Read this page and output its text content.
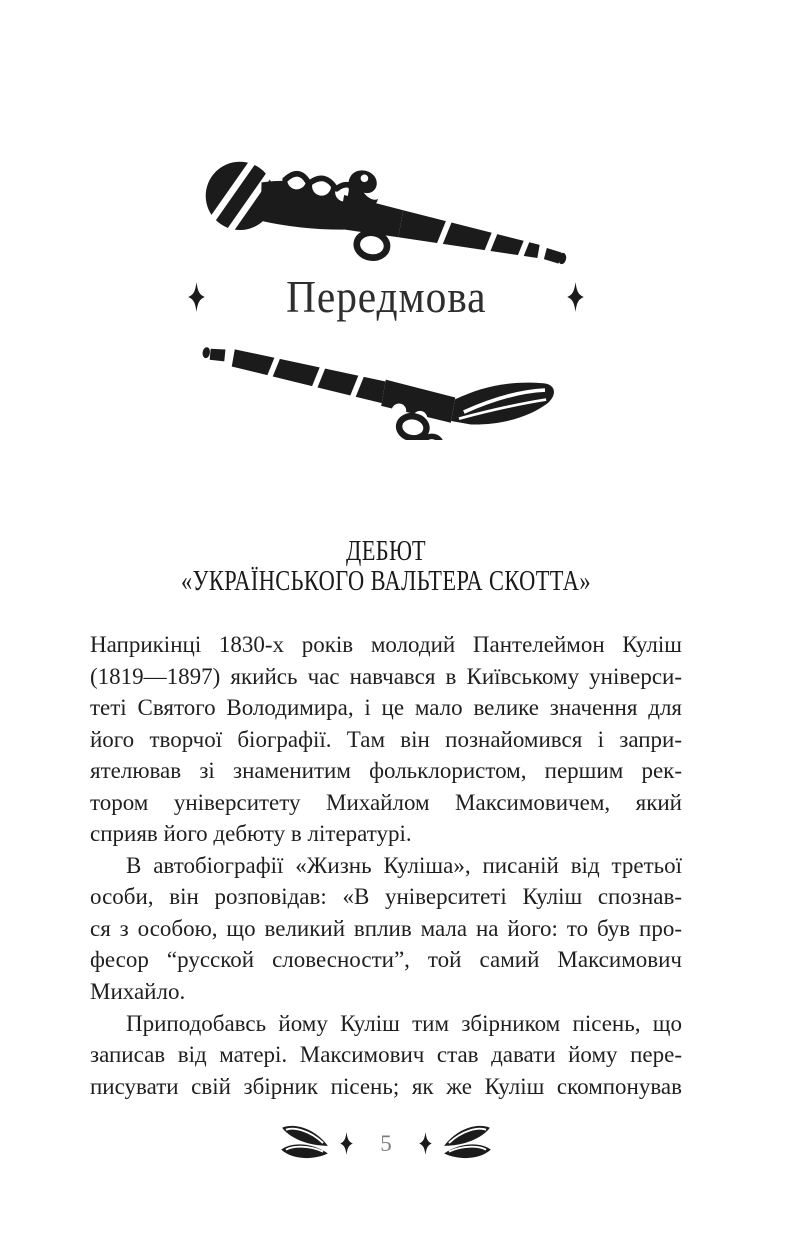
Передмова
ДЕБЮТ
«УКРАЇНСЬКОГО ВАЛЬТЕРА СКОТТА»
Наприкінці 1830-х років молодий Пантелеймон Куліш
(1819—1897) якийсь час навчався в Київському універси-
теті Святого Володимира, і це мало велике значення для
його творчої біографії. Там він познайомився і запри-
ятелював зі знаменитим фольклористом, першим рек-
тором університету Михайлом Максимовичем, який
сприяв його дебюту в літературі.
В автобіографії «Жизнь Куліша», писаній від третьої
особи, він розповідав: «В університеті Куліш спознав-
ся з особою, що великий вплив мала на його: то був про-
фесор “русской словесности”, той самий Максимович
Михайло.
Приподобавсь йому Куліш тим збірником пісень, що
записав від матері. Максимович став давати йому пере-
писувати свій збірник пісень; як же Куліш скомпонував
5
